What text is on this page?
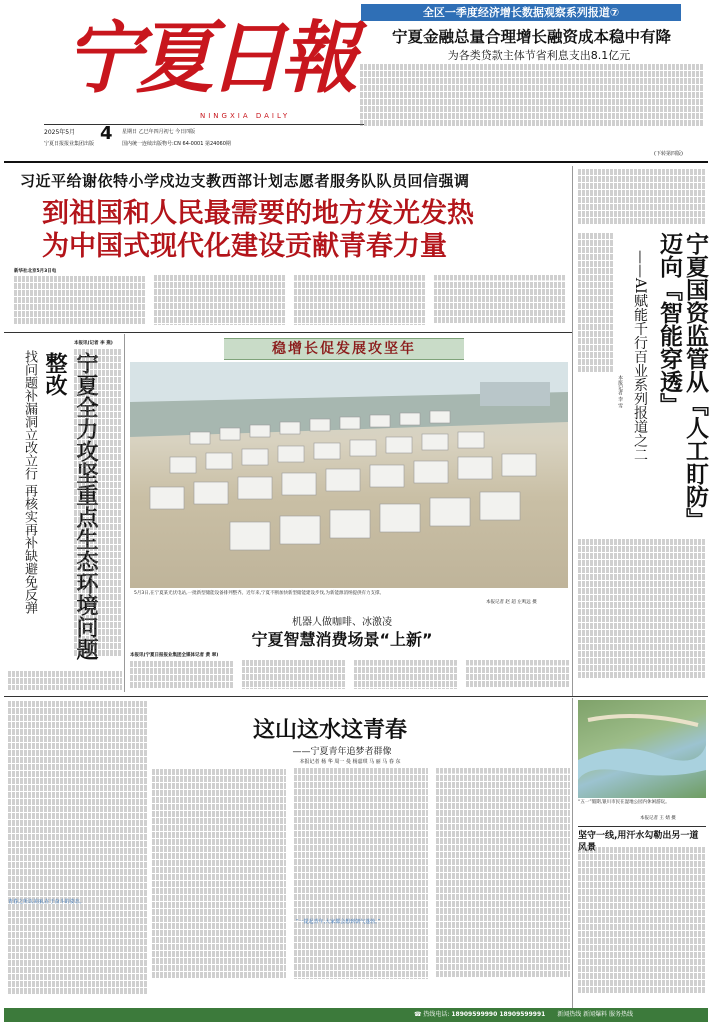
宁夏日報
NINGXIA DAILY
2025年5月 4 星期日 乙巳年四月初七 今日四版
宁夏日报报业集团出版	国内统一连续出版物号:CN 64-0001 第24060期
全区一季度经济增长数据观察系列报道⑦
宁夏金融总量合理增长融资成本稳中有降
为各类贷款主体节省利息支出8.1亿元
(下转第四版)
习近平给谢依特小学戍边支教西部计划志愿者服务队队员回信强调
到祖国和人民最需要的地方发光发热
为中国式现代化建设贡献青春力量
新华社北京5月3日电	宁夏国资监管从『人工盯防』迈向『智能穿透』
——AI赋能千行百业系列报道之二
本报记者 李 雪
找问题补漏洞立改立行 再核实再补缺避免反弹	宁夏全力攻坚重点生态环境问题整改
本报讯(记者 李 燕)	稳增长促发展攻坚年
5月3日,在宁夏某光伏电站,一批新型储能设备排列整齐。近年来,宁夏不断加快新型储能建设步伐,为新能源消纳提供有力支撑。
本报记者 赵 超 左鸣远 摄
机器人做咖啡、冰激凌
宁夏智慧消费场景“上新”
本报讯(宁夏日报报业集团全媒体记者 黄 翠)
青春之所以美丽,在于奋斗的姿态。
这山这水这青春
——宁夏青年追梦者群像
本报记者 杨 华 周一 曼 杨嘉琪 马 丽 马 春 东
“一提起青年,大家都会想到朝气蓬勃。”
“五一”假期,银川市民在湿地公园内休闲游玩。
本报记者 王 婧 摄
坚守一线,用汗水勾勒出另一道风景
☎ 热线电话: 18909599990 18909599991 新闻热线 新闻爆料 服务热线
